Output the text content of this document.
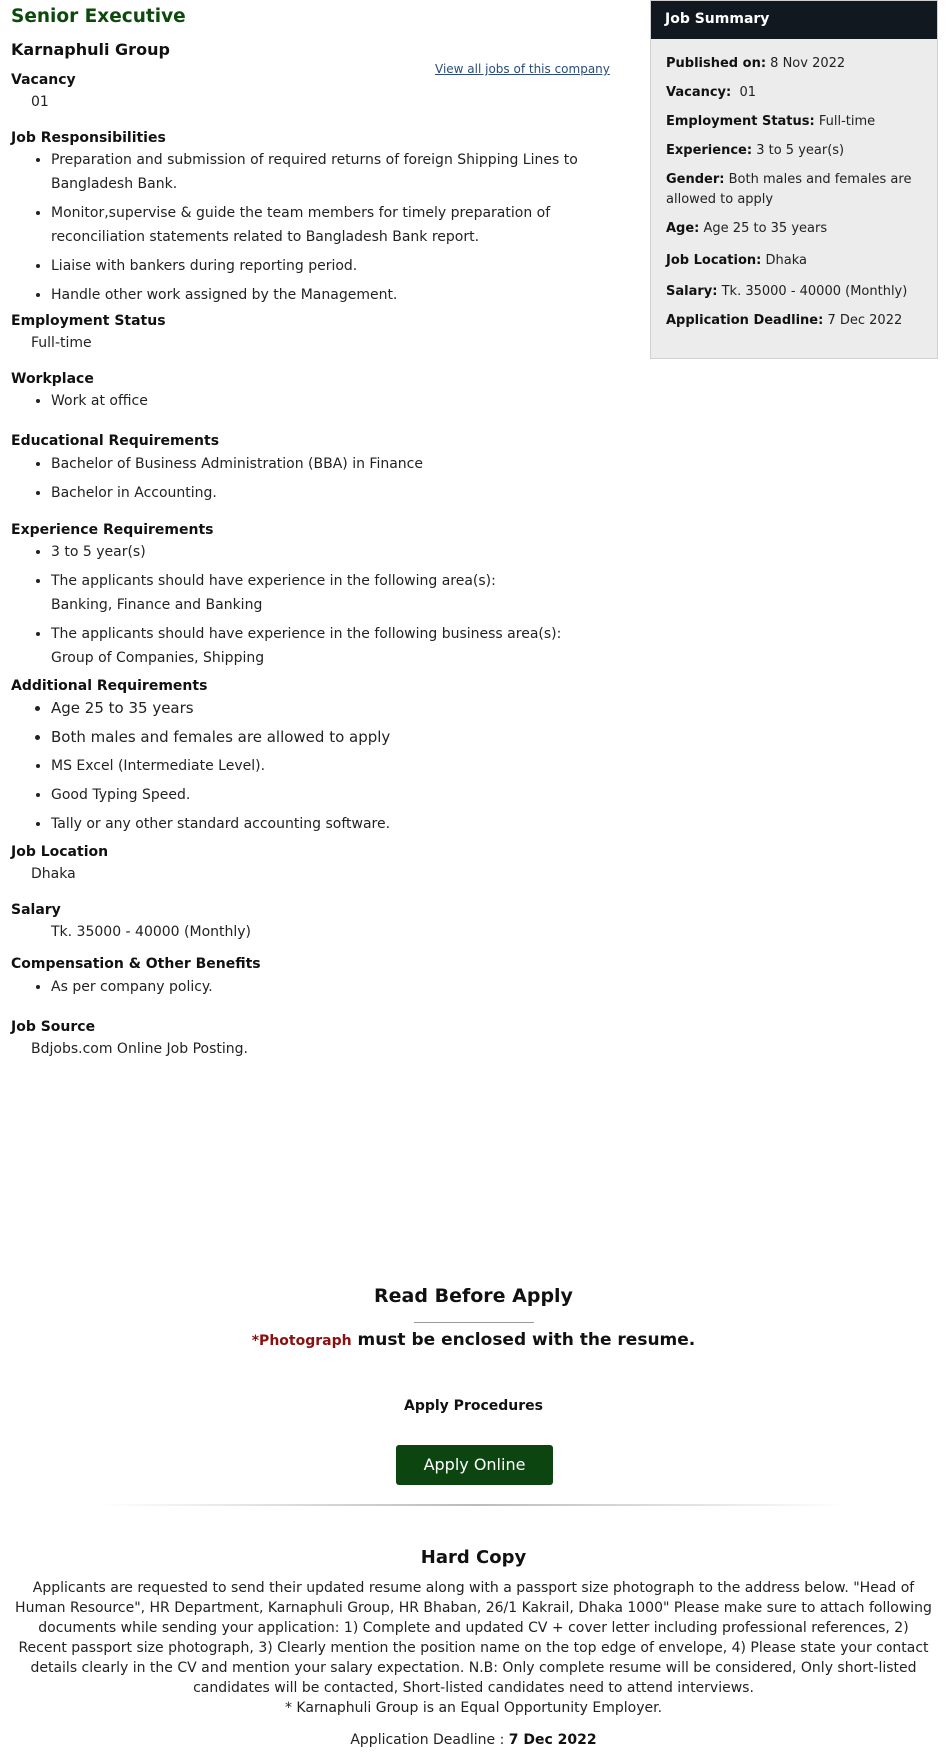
Senior Executive
Karnaphuli Group
View all jobs of this company
Vacancy
01
Job Responsibilities
• Preparation and submission of required returns of foreign Shipping Lines to Bangladesh Bank.
• Monitor,supervise & guide the team members for timely preparation of reconciliation statements related to Bangladesh Bank report.
• Liaise with bankers during reporting period.
• Handle other work assigned by the Management.
Employment Status
Full-time
Workplace
• Work at office
Educational Requirements
• Bachelor of Business Administration (BBA) in Finance
• Bachelor in Accounting.
Experience Requirements
• 3 to 5 year(s)
• The applicants should have experience in the following area(s):
Banking, Finance and Banking
• The applicants should have experience in the following business area(s):
Group of Companies, Shipping
Additional Requirements
• Age 25 to 35 years
• Both males and females are allowed to apply
• MS Excel (Intermediate Level).
• Good Typing Speed.
• Tally or any other standard accounting software.
Job Location
Dhaka
Salary
Tk. 35000 - 40000 (Monthly)
Compensation & Other Benefits
• As per company policy.
Job Source
Bdjobs.com Online Job Posting.
Job Summary
Published on: 8 Nov 2022
Vacancy: 01
Employment Status: Full-time
Experience: 3 to 5 year(s)
Gender: Both males and females are allowed to apply
Age: Age 25 to 35 years
Job Location: Dhaka
Salary: Tk. 35000 - 40000 (Monthly)
Application Deadline: 7 Dec 2022
Read Before Apply
*Photograph must be enclosed with the resume.
Apply Procedures
Apply Online
Hard Copy
Applicants are requested to send their updated resume along with a passport size photograph to the address below. "Head of Human Resource", HR Department, Karnaphuli Group, HR Bhaban, 26/1 Kakrail, Dhaka 1000" Please make sure to attach following documents while sending your application: 1) Complete and updated CV + cover letter including professional references, 2) Recent passport size photograph, 3) Clearly mention the position name on the top edge of envelope, 4) Please state your contact details clearly in the CV and mention your salary expectation. N.B: Only complete resume will be considered, Only short-listed candidates will be contacted, Short-listed candidates need to attend interviews.
* Karnaphuli Group is an Equal Opportunity Employer.
Application Deadline : 7 Dec 2022
